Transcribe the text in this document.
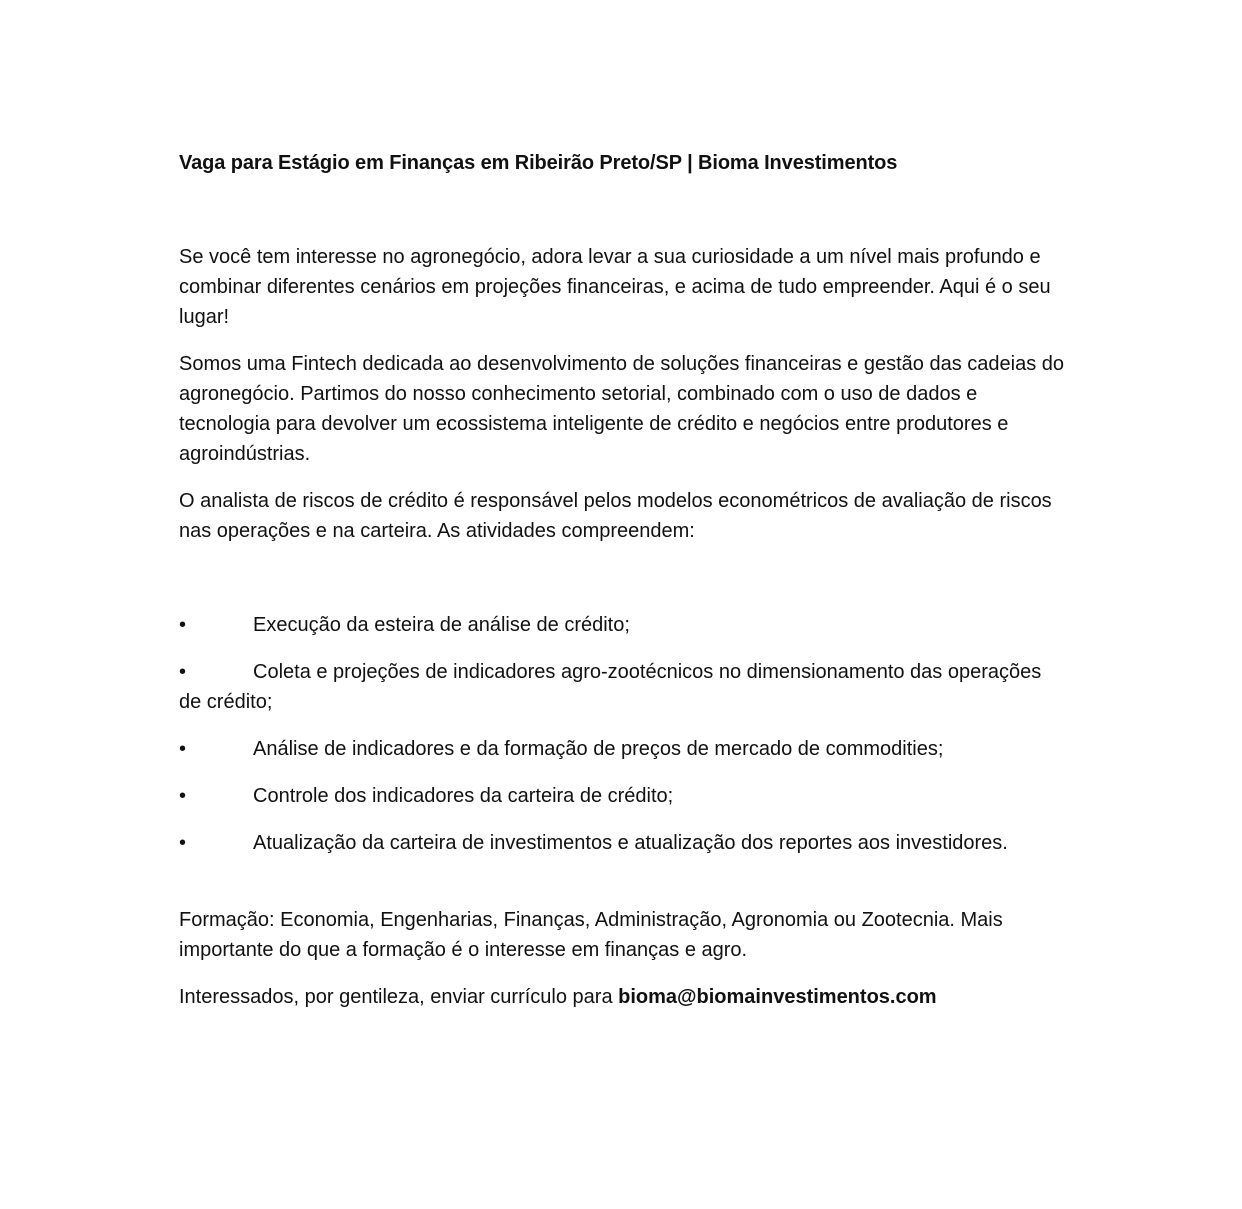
Vaga para Estágio em Finanças em Ribeirão Preto/SP | Bioma Investimentos

Se você tem interesse no agronegócio, adora levar a sua curiosidade a um nível mais profundo e combinar diferentes cenários em projeções financeiras, e acima de tudo empreender. Aqui é o seu lugar!

Somos uma Fintech dedicada ao desenvolvimento de soluções financeiras e gestão das cadeias do agronegócio. Partimos do nosso conhecimento setorial, combinado com o uso de dados e tecnologia para devolver um ecossistema inteligente de crédito e negócios entre produtores e agroindústrias.

O analista de riscos de crédito é responsável pelos modelos econométricos de avaliação de riscos nas operações e na carteira. As atividades compreendem:

•	Execução da esteira de análise de crédito;
•	Coleta e projeções de indicadores agro-zootécnicos no dimensionamento das operações de crédito;
•	Análise de indicadores e da formação de preços de mercado de commodities;
•	Controle dos indicadores da carteira de crédito;
•	Atualização da carteira de investimentos e atualização dos reportes aos investidores.

Formação: Economia, Engenharias, Finanças, Administração, Agronomia ou Zootecnia. Mais importante do que a formação é o interesse em finanças e agro.

Interessados, por gentileza, enviar currículo para bioma@biomainvestimentos.com
